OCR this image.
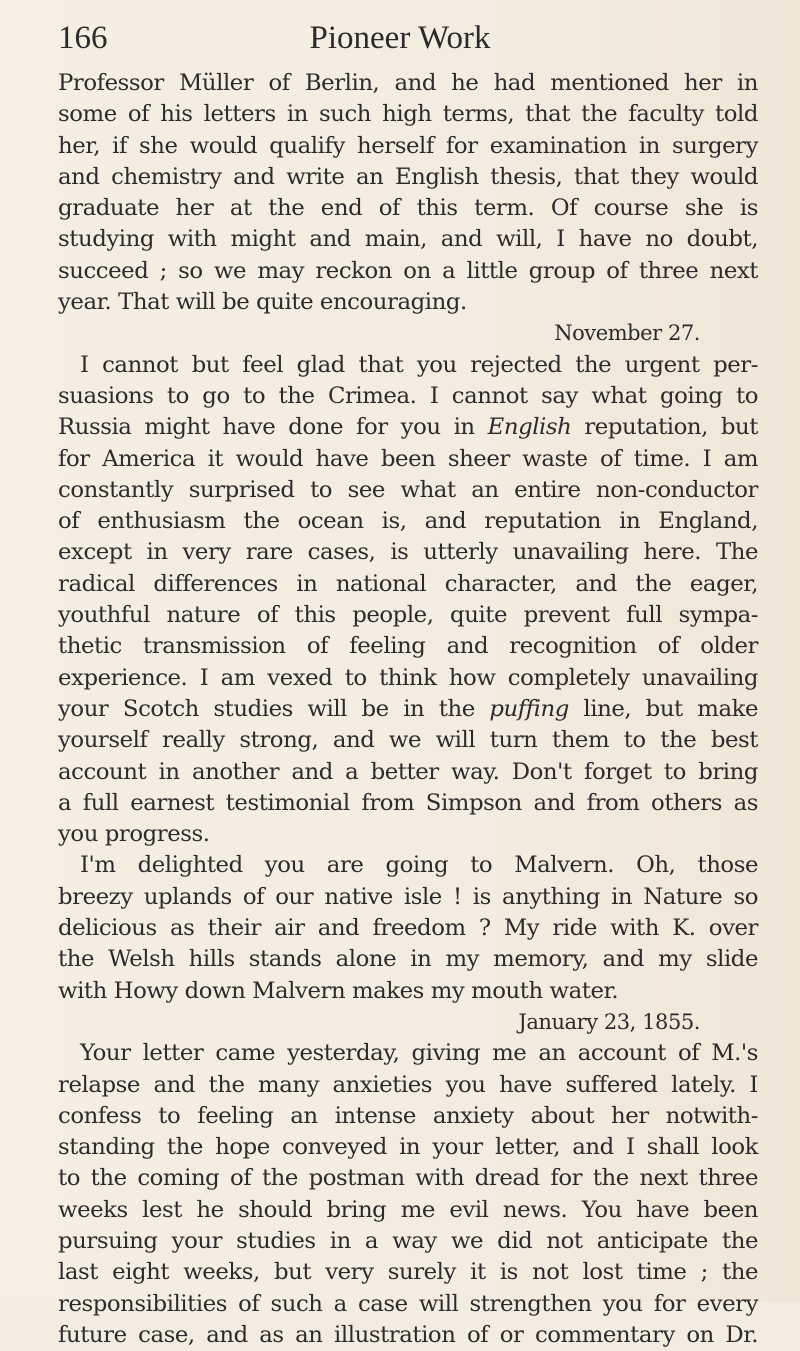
166	Pioneer Work
Professor Müller of Berlin, and he had mentioned her in
some of his letters in such high terms, that the faculty told
her, if she would qualify herself for examination in surgery
and chemistry and write an English thesis, that they would
graduate her at the end of this term. Of course she is
studying with might and main, and will, I have no doubt,
succeed ; so we may reckon on a little group of three next
year. That will be quite encouraging.
November 27.
I cannot but feel glad that you rejected the urgent per-
suasions to go to the Crimea. I cannot say what going to
Russia might have done for you in English reputation, but
for America it would have been sheer waste of time. I am
constantly surprised to see what an entire non-conductor
of enthusiasm the ocean is, and reputation in England,
except in very rare cases, is utterly unavailing here. The
radical differences in national character, and the eager,
youthful nature of this people, quite prevent full sympa-
thetic transmission of feeling and recognition of older
experience. I am vexed to think how completely unavailing
your Scotch studies will be in the puffing line, but make
yourself really strong, and we will turn them to the best
account in another and a better way. Don't forget to bring
a full earnest testimonial from Simpson and from others as
you progress.
I'm delighted you are going to Malvern. Oh, those
breezy uplands of our native isle ! is anything in Nature so
delicious as their air and freedom ? My ride with K. over
the Welsh hills stands alone in my memory, and my slide
with Howy down Malvern makes my mouth water.
January 23, 1855.
Your letter came yesterday, giving me an account of M.'s
relapse and the many anxieties you have suffered lately. I
confess to feeling an intense anxiety about her notwith-
standing the hope conveyed in your letter, and I shall look
to the coming of the postman with dread for the next three
weeks lest he should bring me evil news. You have been
pursuing your studies in a way we did not anticipate the
last eight weeks, but very surely it is not lost time ; the
responsibilities of such a case will strengthen you for every
future case, and as an illustration of or commentary on Dr.
